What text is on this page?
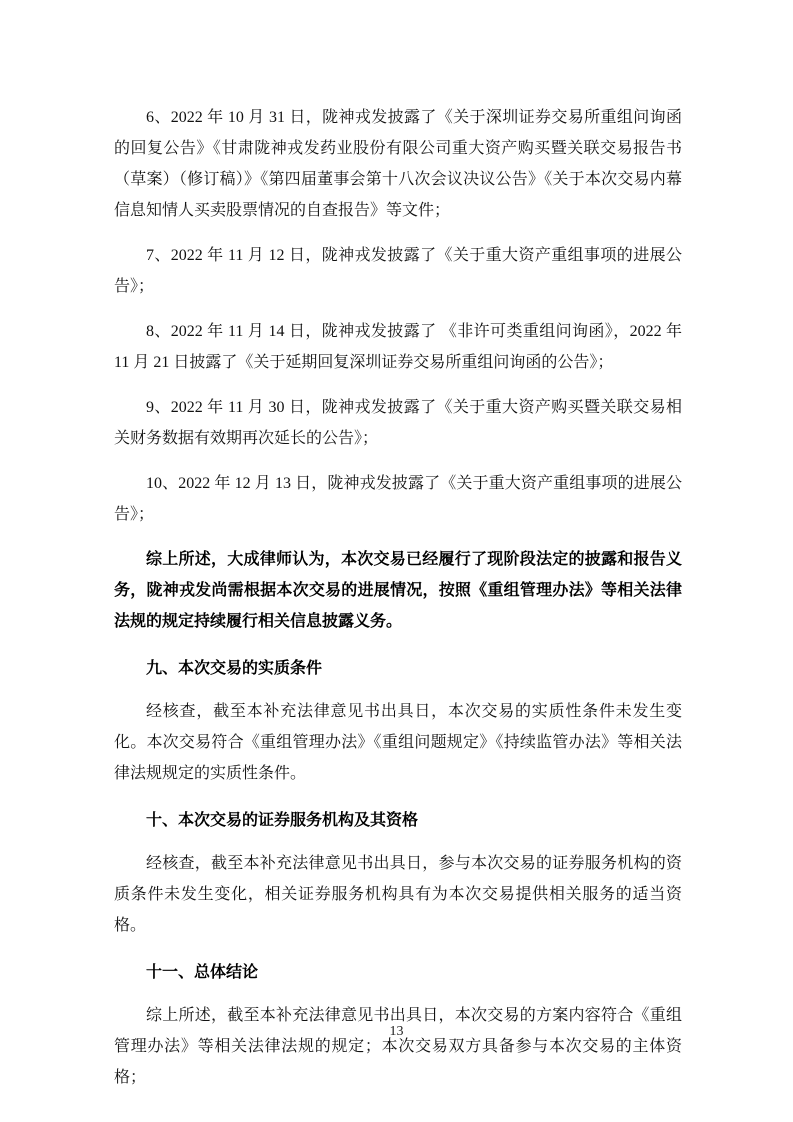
6、2022 年 10 月 31 日，陇神戎发披露了《关于深圳证券交易所重组问询函的回复公告》《甘肃陇神戎发药业股份有限公司重大资产购买暨关联交易报告书（草案）（修订稿）》《第四届董事会第十八次会议决议公告》《关于本次交易内幕信息知情人买卖股票情况的自查报告》等文件；

7、2022 年 11 月 12 日，陇神戎发披露了《关于重大资产重组事项的进展公告》；

8、2022 年 11 月 14 日，陇神戎发披露了 《非许可类重组问询函》，2022 年 11 月 21 日披露了《关于延期回复深圳证券交易所重组问询函的公告》；

9、2022 年 11 月 30 日，陇神戎发披露了《关于重大资产购买暨关联交易相关财务数据有效期再次延长的公告》；

10、2022 年 12 月 13 日，陇神戎发披露了《关于重大资产重组事项的进展公告》；

综上所述，大成律师认为，本次交易已经履行了现阶段法定的披露和报告义务，陇神戎发尚需根据本次交易的进展情况，按照《重组管理办法》等相关法律法规的规定持续履行相关信息披露义务。

九、本次交易的实质条件

经核查，截至本补充法律意见书出具日，本次交易的实质性条件未发生变化。本次交易符合《重组管理办法》《重组问题规定》《持续监管办法》等相关法律法规规定的实质性条件。

十、本次交易的证券服务机构及其资格

经核查，截至本补充法律意见书出具日，参与本次交易的证券服务机构的资质条件未发生变化，相关证券服务机构具有为本次交易提供相关服务的适当资格。

十一、总体结论

综上所述，截至本补充法律意见书出具日，本次交易的方案内容符合《重组管理办法》等相关法律法规的规定；本次交易双方具备参与本次交易的主体资格；

13
